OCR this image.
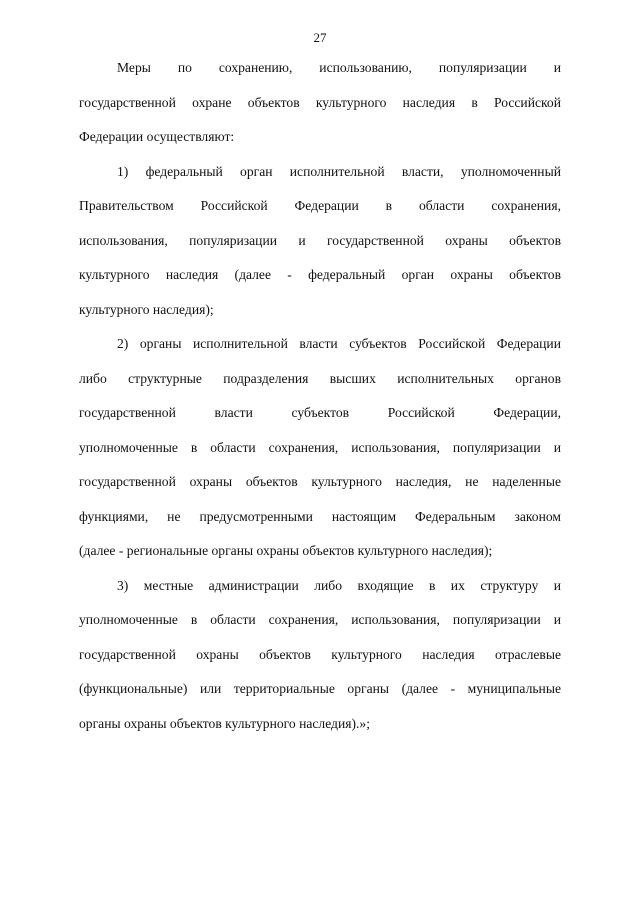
27
Меры по сохранению, использованию, популяризации и
государственной охране объектов культурного наследия в Российской
Федерации осуществляют:
1) федеральный орган исполнительной власти, уполномоченный
Правительством Российской Федерации в области сохранения,
использования, популяризации и государственной охраны объектов
культурного наследия (далее - федеральный орган охраны объектов
культурного наследия);
2) органы исполнительной власти субъектов Российской Федерации
либо структурные подразделения высших исполнительных органов
государственной власти субъектов Российской Федерации,
уполномоченные в области сохранения, использования, популяризации и
государственной охраны объектов культурного наследия, не наделенные
функциями, не предусмотренными настоящим Федеральным законом
(далее - региональные органы охраны объектов культурного наследия);
3) местные администрации либо входящие в их структуру и
уполномоченные в области сохранения, использования, популяризации и
государственной охраны объектов культурного наследия отраслевые
(функциональные) или территориальные органы (далее - муниципальные
органы охраны объектов культурного наследия).»;
